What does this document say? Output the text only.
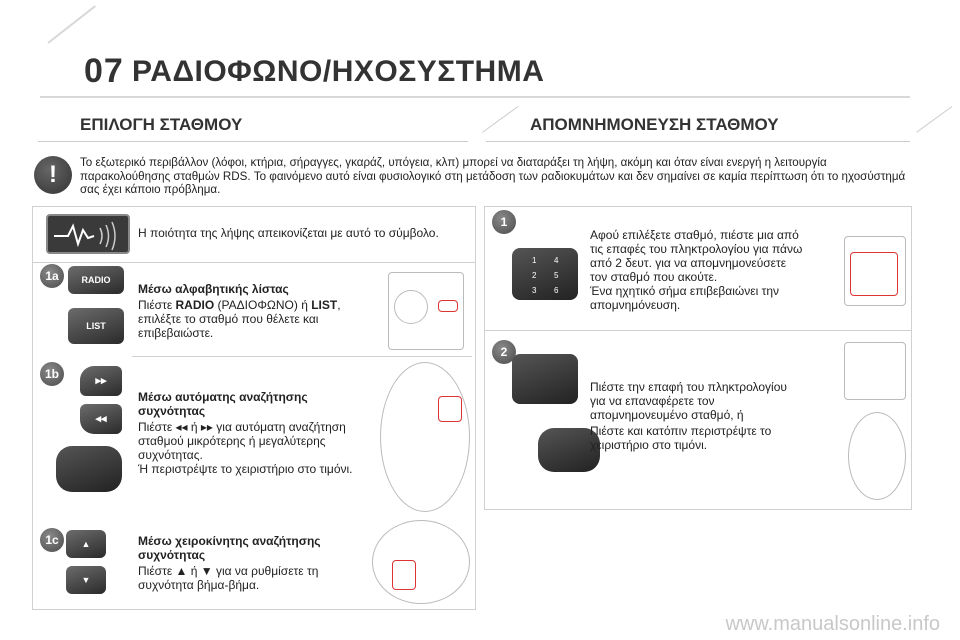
07 ΡΑΔΙΟΦΩΝΟ/ΗΧΟΣΥΣΤΗΜΑ
ΕΠΙΛΟΓΗ ΣΤΑΘΜΟΥ	ΑΠΟΜΝΗΜΟΝΕΥΣΗ ΣΤΑΘΜΟΥ
!	Το εξωτερικό περιβάλλον (λόφοι, κτήρια, σήραγγες, γκαράζ, υπόγεια, κλπ) μπορεί να διαταράξει τη λήψη, ακόμη και όταν είναι ενεργή η λειτουργία παρακολούθησης σταθμών RDS. Το φαινόμενο αυτό είναι φυσιολογικό στη μετάδοση των ραδιοκυμάτων και δεν σημαίνει σε καμία περίπτωση ότι το ηχοσύστημά σας έχει κάποιο πρόβλημα.
Η ποιότητα της λήψης απεικονίζεται με αυτό το σύμβολο.
1a	RADIO
LIST
Μέσω αλφαβητικής λίστας
Πιέστε RADIO (ΡΑΔΙΟΦΩΝΟ) ή LIST, επιλέξτε το σταθμό που θέλετε και επιβεβαιώστε.
1b	▸▸
◂◂
Μέσω αυτόματης αναζήτησης συχνότητας
Πιέστε ◂◂ ή ▸▸ για αυτόματη αναζήτηση σταθμού μικρότερης ή μεγαλύτερης συχνότητας.
Ή περιστρέψτε το χειριστήριο στο τιμόνι.
1c	▲
▼
Μέσω χειροκίνητης αναζήτησης συχνότητας
Πιέστε ▲ ή ▼ για να ρυθμίσετε τη συχνότητα βήμα-βήμα.
1
1 4
2 5
3 6
Αφού επιλέξετε σταθμό, πιέστε μια από τις επαφές του πληκτρολογίου για πάνω από 2 δευτ. για να απομνημονεύσετε τον σταθμό που ακούτε.
Ένα ηχητικό σήμα επιβεβαιώνει την απομνημόνευση.
2
Πιέστε την επαφή του πληκτρολογίου για να επαναφέρετε τον απομνημονευμένο σταθμό, ή
Πιέστε και κατόπιν περιστρέψτε το χειριστήριο στο τιμόνι.
www.manualsonline.info
